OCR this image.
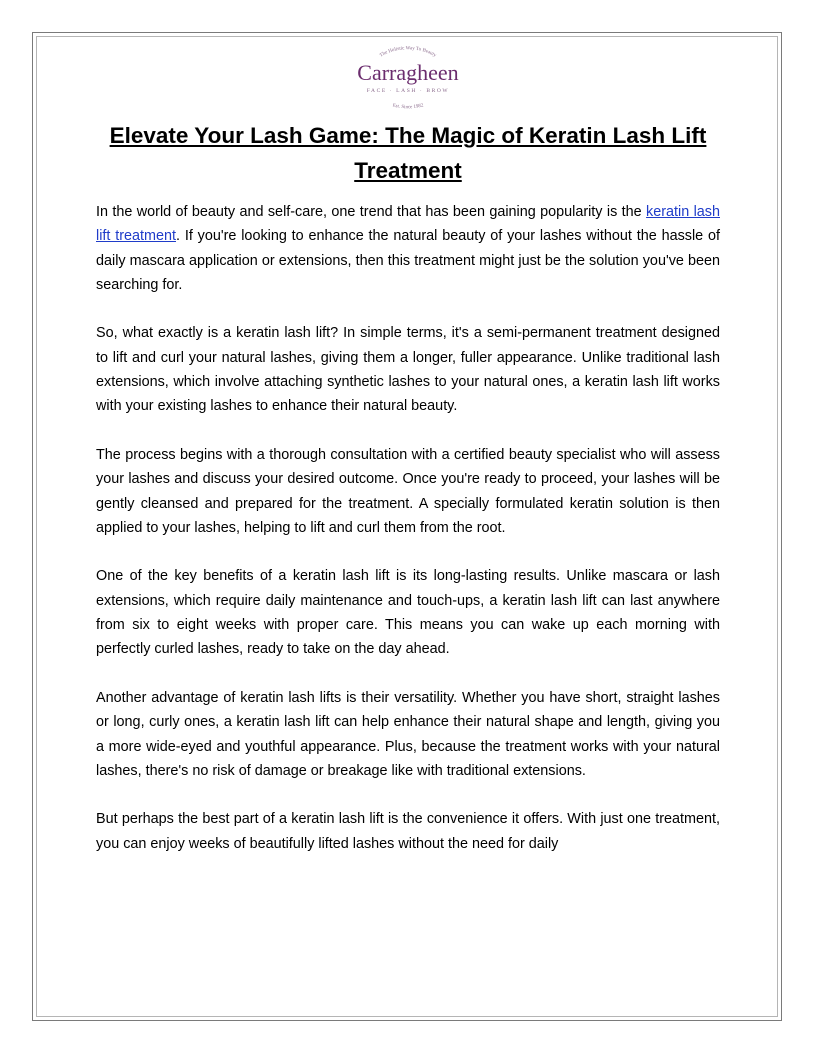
The Holistic Way To Beauty
Est. Since 1982
Carragheen
FACE · LASH · BROW
Elevate Your Lash Game: The Magic of Keratin Lash Lift Treatment

In the world of beauty and self-care, one trend that has been gaining popularity is the keratin lash lift treatment. If you're looking to enhance the natural beauty of your lashes without the hassle of daily mascara application or extensions, then this treatment might just be the solution you've been searching for.

So, what exactly is a keratin lash lift? In simple terms, it's a semi-permanent treatment designed to lift and curl your natural lashes, giving them a longer, fuller appearance. Unlike traditional lash extensions, which involve attaching synthetic lashes to your natural ones, a keratin lash lift works with your existing lashes to enhance their natural beauty.

The process begins with a thorough consultation with a certified beauty specialist who will assess your lashes and discuss your desired outcome. Once you're ready to proceed, your lashes will be gently cleansed and prepared for the treatment. A specially formulated keratin solution is then applied to your lashes, helping to lift and curl them from the root.

One of the key benefits of a keratin lash lift is its long-lasting results. Unlike mascara or lash extensions, which require daily maintenance and touch-ups, a keratin lash lift can last anywhere from six to eight weeks with proper care. This means you can wake up each morning with perfectly curled lashes, ready to take on the day ahead.

Another advantage of keratin lash lifts is their versatility. Whether you have short, straight lashes or long, curly ones, a keratin lash lift can help enhance their natural shape and length, giving you a more wide-eyed and youthful appearance. Plus, because the treatment works with your natural lashes, there's no risk of damage or breakage like with traditional extensions.

But perhaps the best part of a keratin lash lift is the convenience it offers. With just one treatment, you can enjoy weeks of beautifully lifted lashes without the need for daily
